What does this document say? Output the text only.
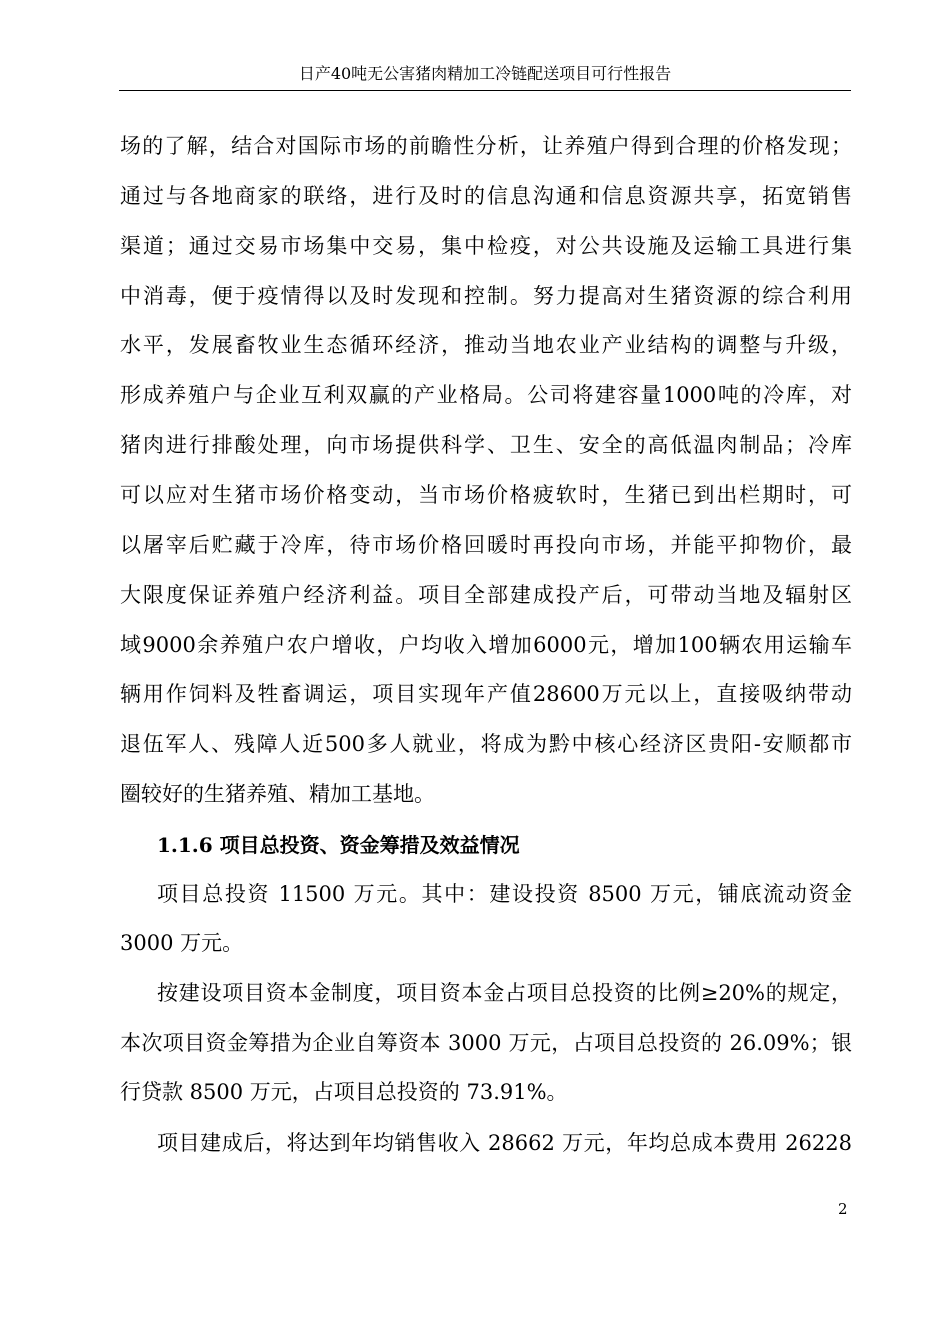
日产40吨无公害猪肉精加工冷链配送项目可行性报告
场的了解，结合对国际市场的前瞻性分析，让养殖户得到合理的价格发现；
通过与各地商家的联络，进行及时的信息沟通和信息资源共享，拓宽销售
渠道；通过交易市场集中交易，集中检疫，对公共设施及运输工具进行集
中消毒，便于疫情得以及时发现和控制。努力提高对生猪资源的综合利用
水平，发展畜牧业生态循环经济，推动当地农业产业结构的调整与升级，
形成养殖户与企业互利双赢的产业格局。公司将建容量1000吨的冷库，对
猪肉进行排酸处理，向市场提供科学、卫生、安全的高低温肉制品；冷库
可以应对生猪市场价格变动，当市场价格疲软时，生猪已到出栏期时，可
以屠宰后贮藏于冷库，待市场价格回暖时再投向市场，并能平抑物价，最
大限度保证养殖户经济利益。项目全部建成投产后，可带动当地及辐射区
域9000余养殖户农户增收，户均收入增加6000元，增加100辆农用运输车
辆用作饲料及牲畜调运，项目实现年产值28600万元以上，直接吸纳带动
退伍军人、残障人近500多人就业，将成为黔中核心经济区贵阳-安顺都市
圈较好的生猪养殖、精加工基地。
1.1.6 项目总投资、资金筹措及效益情况
项目总投资 11500 万元。其中：建设投资 8500 万元，铺底流动资金
3000 万元。
按建设项目资本金制度，项目资本金占项目总投资的比例≥20%的规定，
本次项目资金筹措为企业自筹资本 3000 万元，占项目总投资的 26.09%；银
行贷款 8500 万元，占项目总投资的 73.91%。
项目建成后，将达到年均销售收入 28662 万元，年均总成本费用 26228
2
